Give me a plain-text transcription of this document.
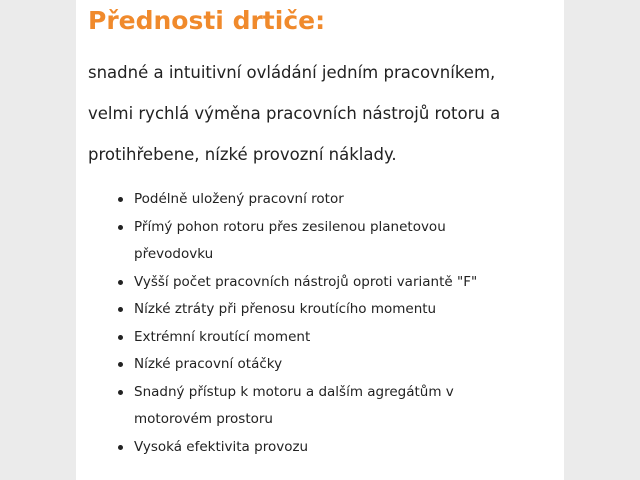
Přednosti drtiče:

snadné a intuitivní ovládání jedním pracovníkem,
velmi rychlá výměna pracovních nástrojů rotoru a
protihřebene, nízké provozní náklady.

Podélně uložený pracovní rotor
Přímý pohon rotoru přes zesilenou planetovou
převodovku
Vyšší počet pracovních nástrojů oproti variantě "F"
Nízké ztráty při přenosu kroutícího momentu
Extrémní kroutící moment
Nízké pracovní otáčky
Snadný přístup k motoru a dalším agregátům v
motorovém prostoru
Vysoká efektivita provozu
